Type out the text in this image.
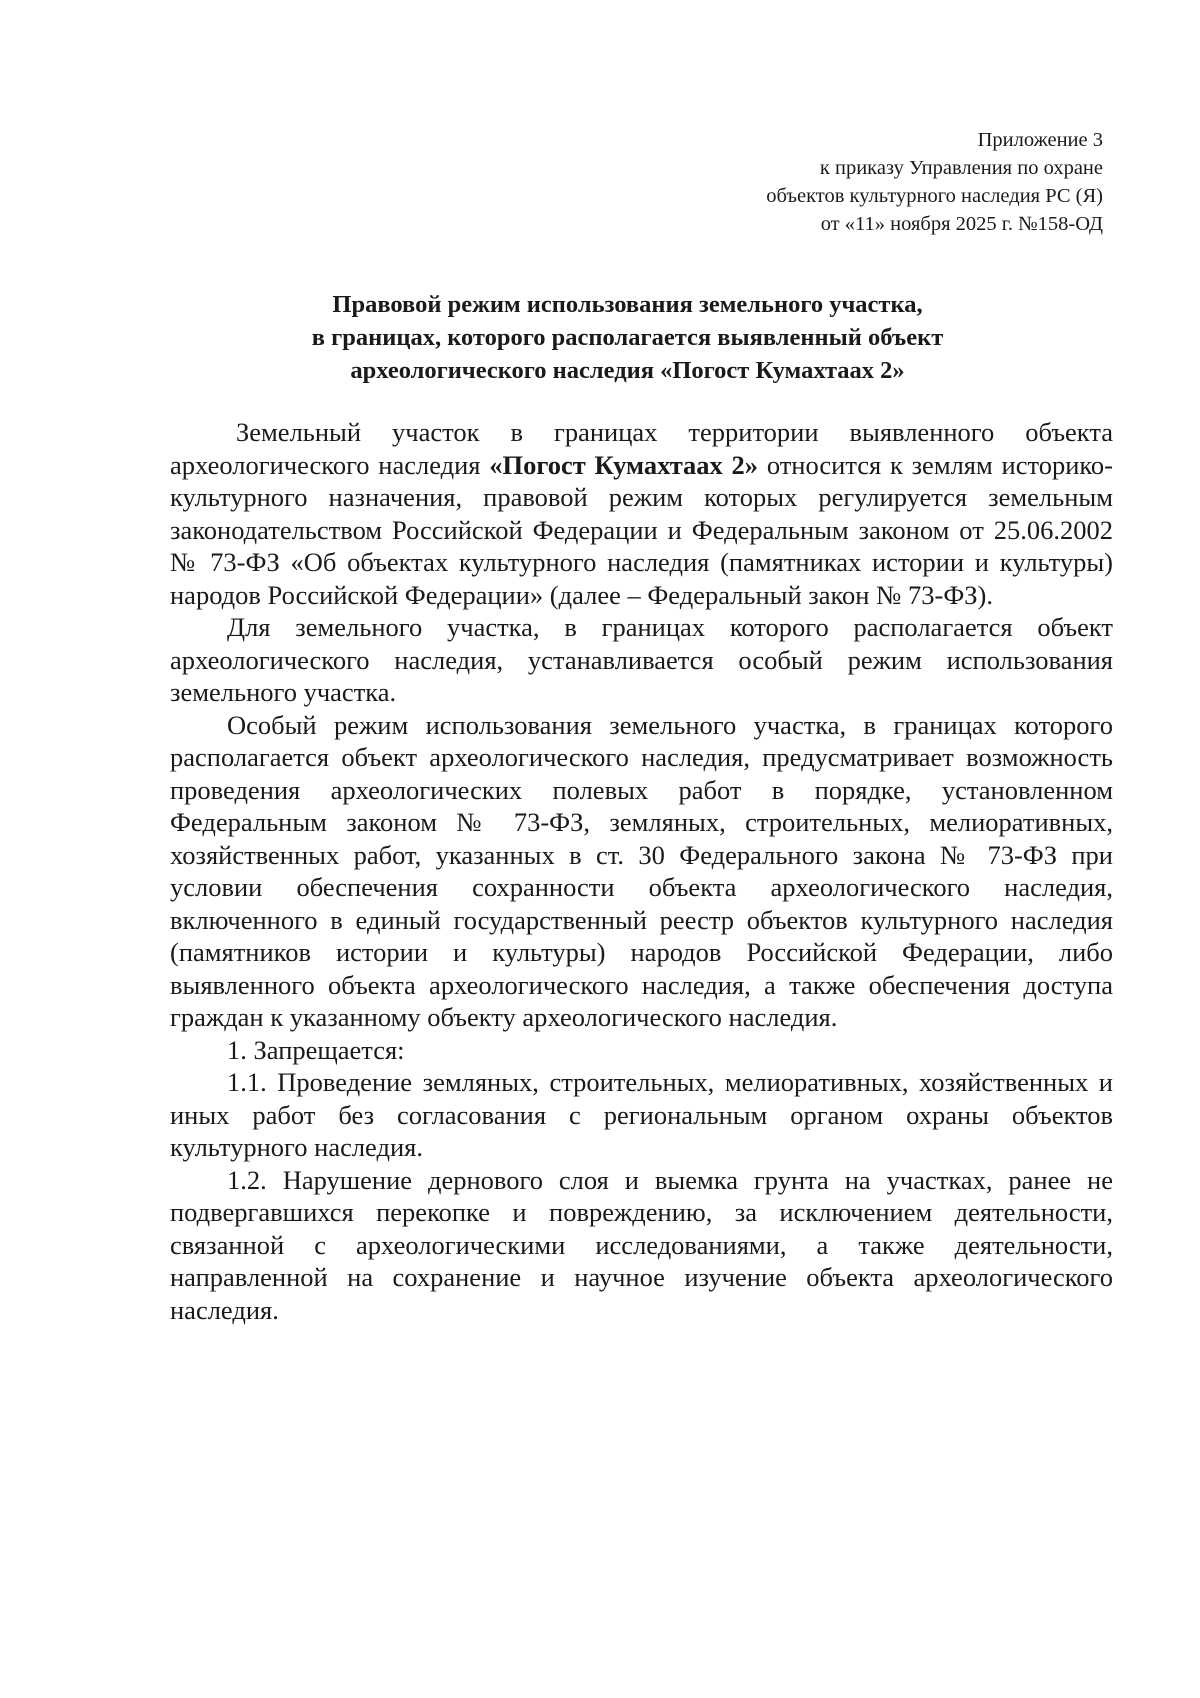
Приложение 3
к приказу Управления по охране
объектов культурного наследия РС (Я)
от «11» ноября 2025 г. №158-ОД
Правовой режим использования земельного участка,
в границах, которого располагается выявленный объект
археологического наследия «Погост Кумахтаах 2»

Земельный участок в границах территории выявленного объекта археологического наследия «Погост Кумахтаах 2» относится к землям историко-культурного назначения, правовой режим которых регулируется земельным законодательством Российской Федерации и Федеральным законом от 25.06.2002 № 73-ФЗ «Об объектах культурного наследия (памятниках истории и культуры) народов Российской Федерации» (далее – Федеральный закон № 73-ФЗ).

Для земельного участка, в границах которого располагается объект археологического наследия, устанавливается особый режим использования земельного участка.

Особый режим использования земельного участка, в границах которого располагается объект археологического наследия, предусматривает возможность проведения археологических полевых работ в порядке, установленном Федеральным законом № 73-ФЗ, земляных, строительных, мелиоративных, хозяйственных работ, указанных в ст. 30 Федерального закона № 73-ФЗ при условии обеспечения сохранности объекта археологического наследия, включенного в единый государственный реестр объектов культурного наследия (памятников истории и культуры) народов Российской Федерации, либо выявленного объекта археологического наследия, а также обеспечения доступа граждан к указанному объекту археологического наследия.

1. Запрещается:

1.1. Проведение земляных, строительных, мелиоративных, хозяйственных и иных работ без согласования с региональным органом охраны объектов культурного наследия.

1.2. Нарушение дернового слоя и выемка грунта на участках, ранее не подвергавшихся перекопке и повреждению, за исключением деятельности, связанной с археологическими исследованиями, а также деятельности, направленной на сохранение и научное изучение объекта археологического наследия.
